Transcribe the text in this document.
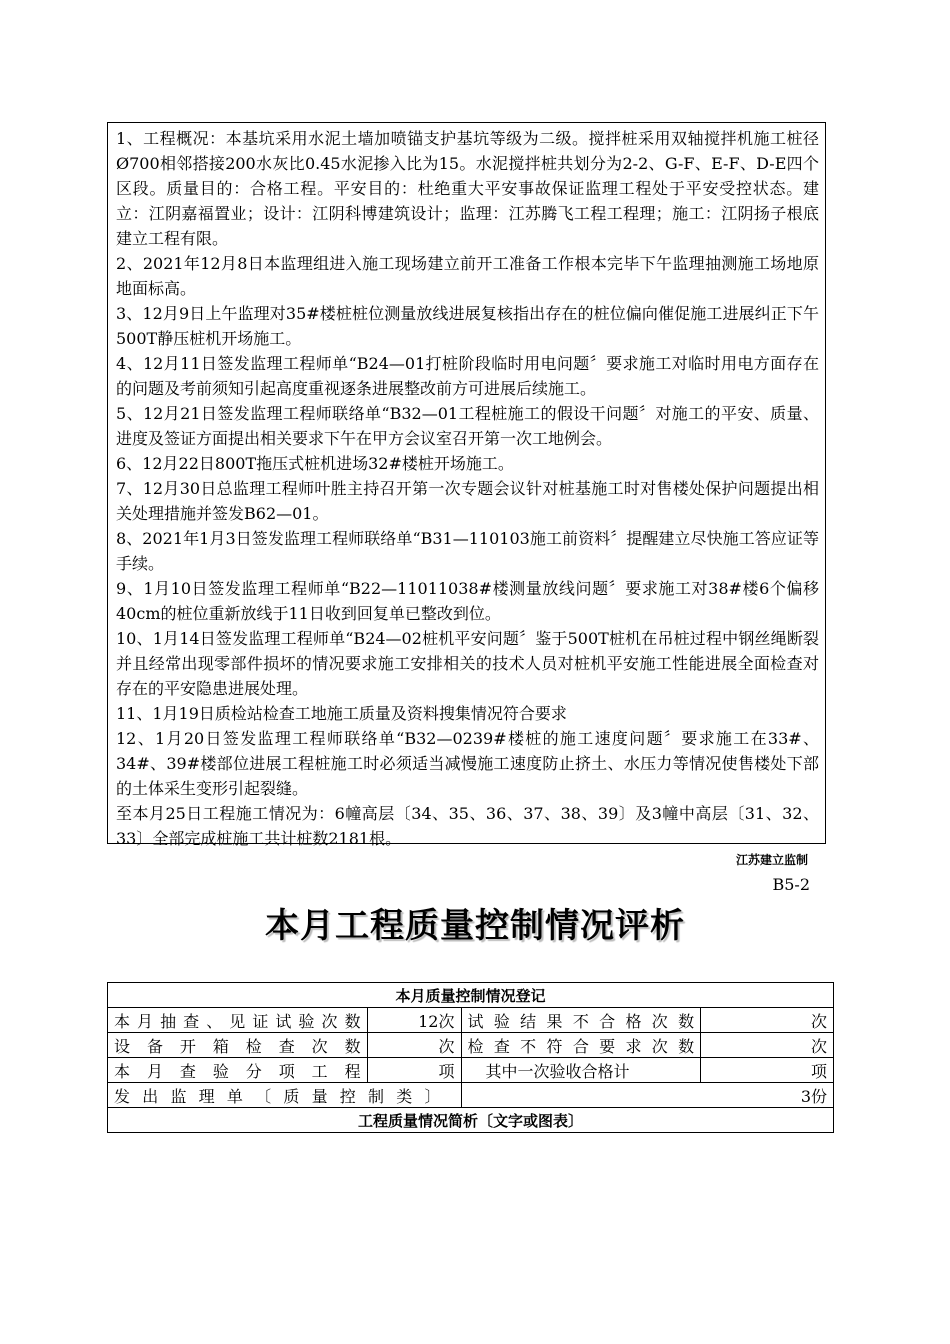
1、工程概况：本基坑采用水泥土墙加喷锚支护基坑等级为二级。搅拌桩采用双轴搅拌机施工桩径Ø700相邻搭接200水灰比0.45水泥掺入比为15。水泥搅拌桩共划分为2-2、G-F、E-F、D-E四个区段。质量目的：合格工程。平安目的：杜绝重大平安事故保证监理工程处于平安受控状态。建立：江阴嘉福置业；设计：江阴科博建筑设计；监理：江苏腾飞工程工程理；施工：江阴扬子根底建立工程有限。

2、2021年12月8日本监理组进入施工现场建立前开工准备工作根本完毕下午监理抽测施工场地原地面标高。

3、12月9日上午监理对35#楼桩桩位测量放线进展复核指出存在的桩位偏向催促施工进展纠正下午500T静压桩机开场施工。

4、12月11日签发监理工程师单“B24—01打桩阶段临时用电问题〞要求施工对临时用电方面存在的问题及考前须知引起高度重视逐条进展整改前方可进展后续施工。

5、12月21日签发监理工程师联络单“B32—01工程桩施工的假设干问题〞对施工的平安、质量、进度及签证方面提出相关要求下午在甲方会议室召开第一次工地例会。

6、12月22日800T拖压式桩机进场32#楼桩开场施工。

7、12月30日总监理工程师叶胜主持召开第一次专题会议针对桩基施工时对售楼处保护问题提出相关处理措施并签发B62—01。

8、2021年1月3日签发监理工程师联络单“B31—110103施工前资料〞提醒建立尽快施工答应证等手续。

9、1月10日签发监理工程师单“B22—11011038#楼测量放线问题〞要求施工对38#楼6个偏移40cm的桩位重新放线于11日收到回复单已整改到位。

10、1月14日签发监理工程师单“B24—02桩机平安问题〞鉴于500T桩机在吊桩过程中钢丝绳断裂并且经常出现零部件损坏的情况要求施工安排相关的技术人员对桩机平安施工性能进展全面检查对存在的平安隐患进展处理。

11、1月19日质检站检查工地施工质量及资料搜集情况符合要求

12、1月20日签发监理工程师联络单“B32—0239#楼桩的施工速度问题〞要求施工在33#、34#、39#楼部位进展工程桩施工时必须适当减慢施工速度防止挤土、水压力等情况使售楼处下部的土体采生变形引起裂缝。

至本月25日工程施工情况为：6幢高层〔34、35、36、37、38、39〕及3幢中高层〔31、32、33〕全部完成桩施工共计桩数2181根。

江苏建立监制
B5-2
本月工程质量控制情况评析
本月质量控制情况登记			
本月抽查、见证试验次数	12次	试验结果不合格次数	次
设备开箱检查次数	次	检查不符合要求次数	次
本月查验分项工程	项	其中一次验收合格计	项
发出监理单〔质量控制类〕		3份	
工程质量情况简析〔文字或图表〕			
